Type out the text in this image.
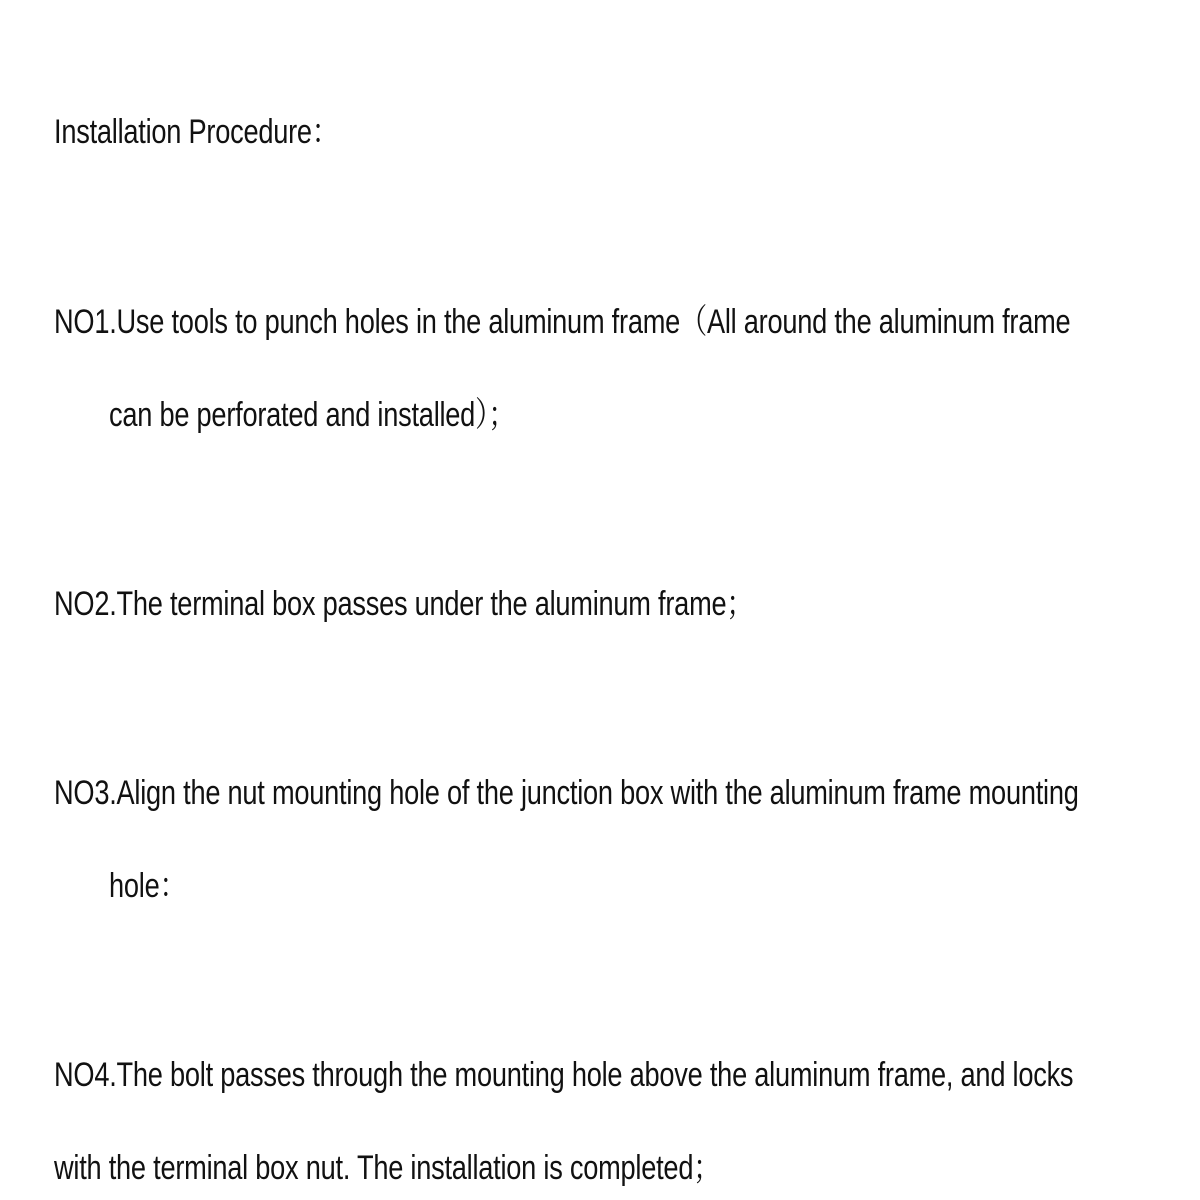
Installation Procedure：

NO1.Use tools to punch holes in the aluminum frame（All around the aluminum frame

can be perforated and installed）；

NO2.The terminal box passes under the aluminum frame；

NO3.Align the nut mounting hole of the junction box with the aluminum frame mounting

hole：

NO4.The bolt passes through the mounting hole above the aluminum frame, and locks

with the terminal box nut. The installation is completed；
